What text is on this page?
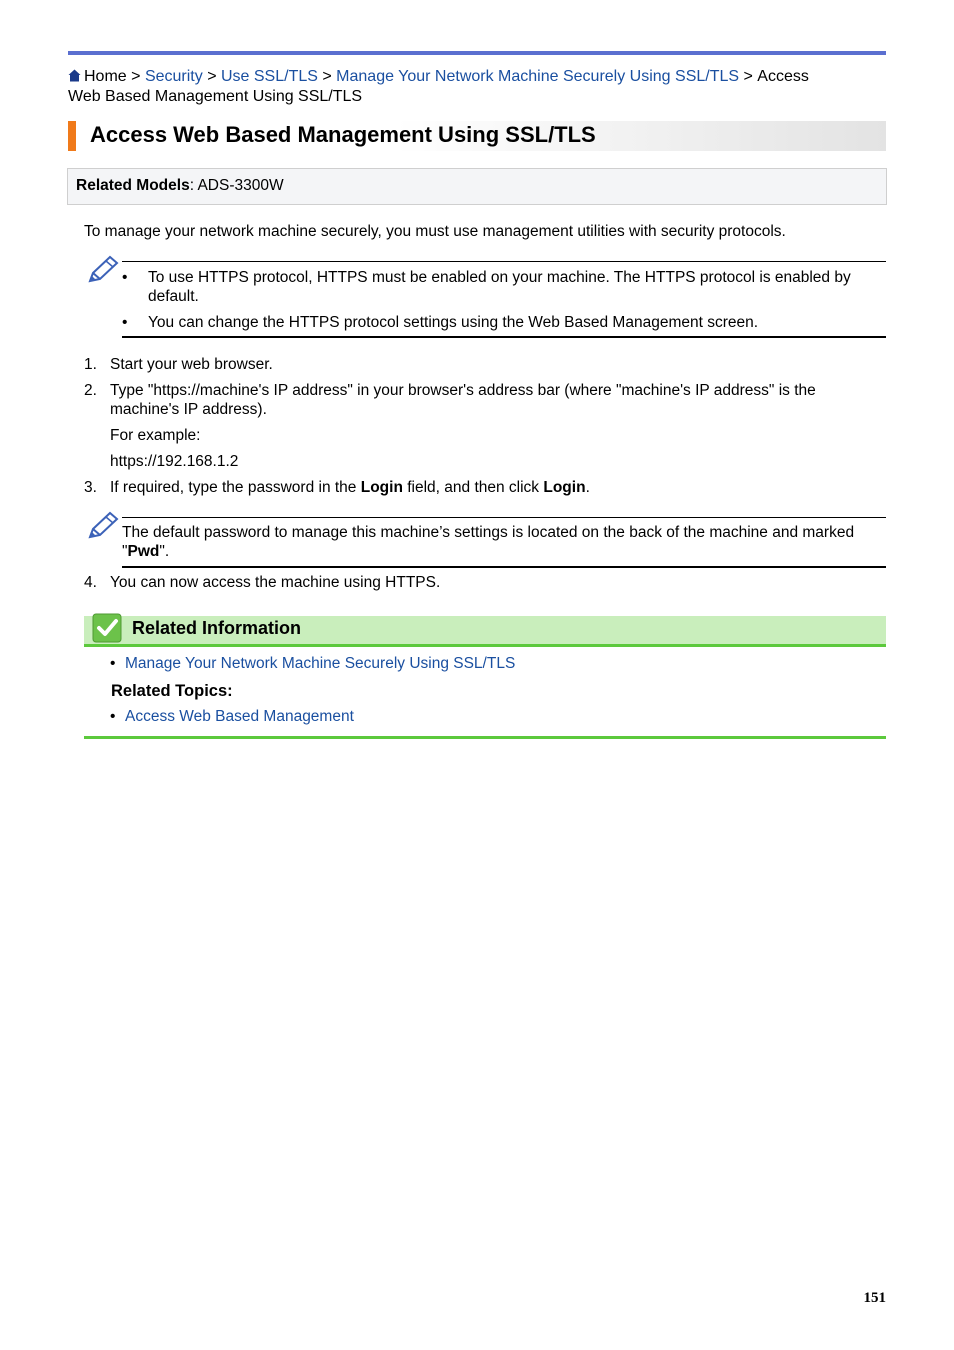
Home > Security > Use SSL/TLS > Manage Your Network Machine Securely Using SSL/TLS > Access
Web Based Management Using SSL/TLS
Access Web Based Management Using SSL/TLS
Related Models: ADS-3300W
To manage your network machine securely, you must use management utilities with security protocols.
• To use HTTPS protocol, HTTPS must be enabled on your machine. The HTTPS protocol is enabled by
default.
• You can change the HTTPS protocol settings using the Web Based Management screen.
1. Start your web browser.
2. Type "https://machine's IP address" in your browser's address bar (where "machine's IP address" is the
machine's IP address).
For example:
https://192.168.1.2
3. If required, type the password in the Login field, and then click Login.
The default password to manage this machine’s settings is located on the back of the machine and marked
"Pwd".
4. You can now access the machine using HTTPS.
Related Information
• Manage Your Network Machine Securely Using SSL/TLS
Related Topics:
• Access Web Based Management
151
